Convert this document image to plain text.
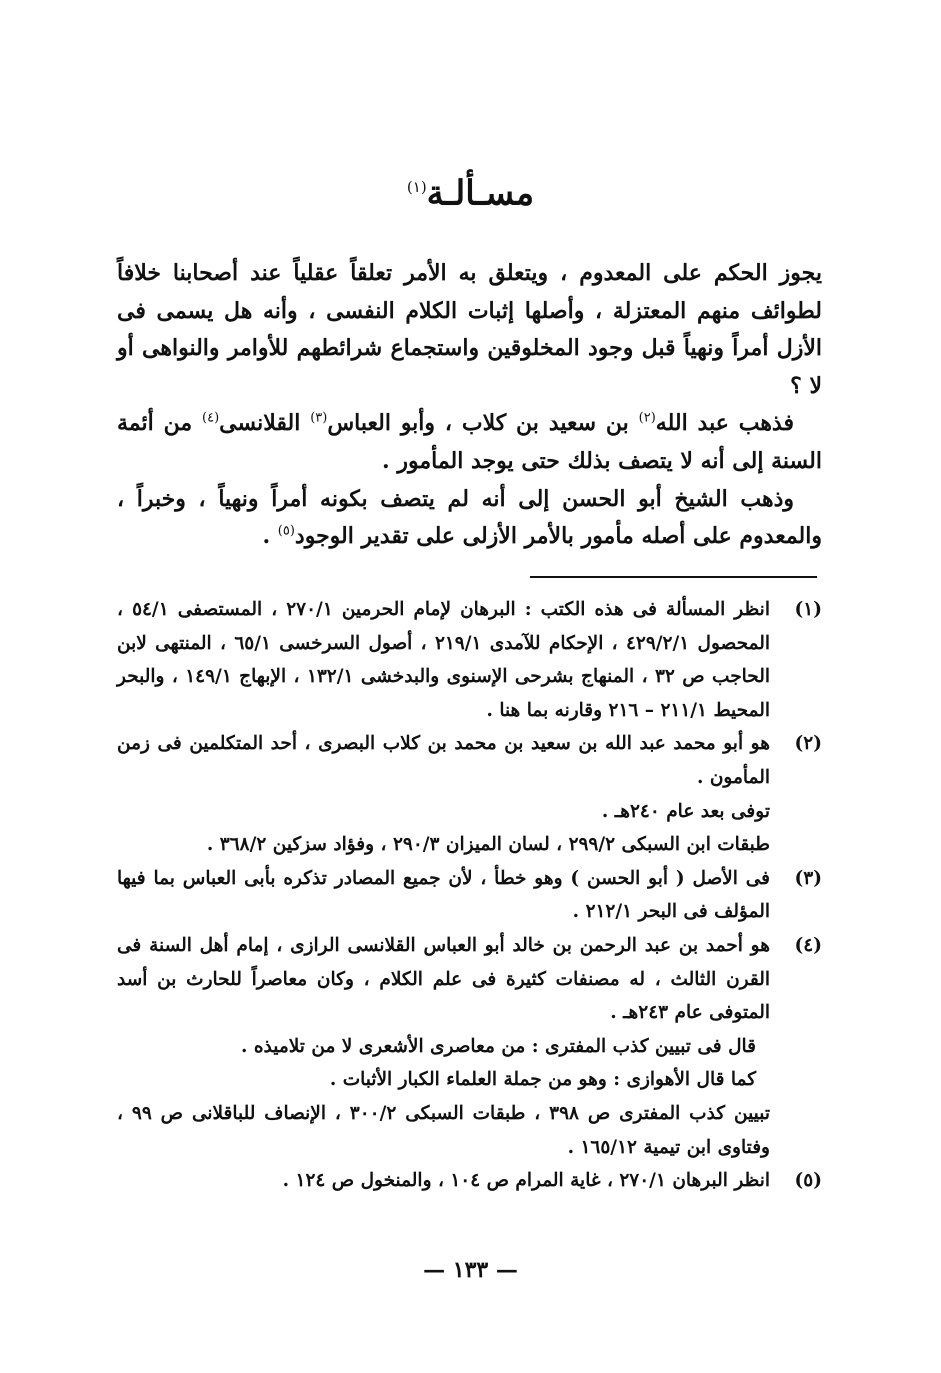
مسـألـة$^{(١)}$

يجوز الحكم على المعدوم ، ويتعلق به الأمر تعلقاً عقلياً عند أصحابنا خلافاً لطوائف منهم المعتزلة ، وأصلها إثبات الكلام النفسى ، وأنه هل يسمى فى الأزل أمراً ونهياً قبل وجود المخلوقين واستجماع شرائطهم للأوامر والنواهى أو لا ؟

فذهب عبد الله$^{(٢)}$ بن سعيد بن كلاب ، وأبو العباس$^{(٣)}$ القلانسى$^{(٤)}$ من أئمة السنة إلى أنه لا يتصف بذلك حتى يوجد المأمور .

وذهب الشيخ أبو الحسن إلى أنه لم يتصف بكونه أمراً ونهياً ، وخبراً ، والمعدوم على أصله مأمور بالأمر الأزلى على تقدير الوجود$^{(٥)}$ .

(١)
انظر المسألة فى هذه الكتب : البرهان لإمام الحرمين ٢٧٠/١ ، المستصفى ٥٤/١ ، المحصول ٤٢٩/٢/١ ، الإحكام للآمدى ٢١٩/١ ، أصول السرخسى ٦٥/١ ، المنتهى لابن الحاجب ص ٣٢ ، المنهاج بشرحى الإسنوى والبدخشى ١٣٢/١ ، الإبهاج ١٤٩/١ ، والبحر المحيط ٢١١/١ – ٢١٦ وقارنه بما هنا .
(٢)
هو أبو محمد عبد الله بن سعيد بن محمد بن كلاب البصرى ، أحد المتكلمين فى زمن المأمون .
توفى بعد عام ٢٤٠هـ .
طبقات ابن السبكى ٢٩٩/٢ ، لسان الميزان ٢٩٠/٣ ، وفؤاد سزكين ٣٦٨/٢ .
(٣)
فى الأصل ( أبو الحسن ) وهو خطأ ، لأن جميع المصادر تذكره بأبى العباس بما فيها المؤلف فى البحر ٢١٢/١ .
(٤)
هو أحمد بن عبد الرحمن بن خالد أبو العباس القلانسى الرازى ، إمام أهل السنة فى القرن الثالث ، له مصنفات كثيرة فى علم الكلام ، وكان معاصراً للحارث بن أسد المتوفى عام ٢٤٣هـ .
قال فى تبيين كذب المفترى : من معاصرى الأشعرى لا من تلاميذه .
كما قال الأهوازى : وهو من جملة العلماء الكبار الأثبات .
تبيين كذب المفترى ص ٣٩٨ ، طبقات السبكى ٣٠٠/٢ ، الإنصاف للباقلانى ص ٩٩ ، وفتاوى ابن تيمية ١٦٥/١٢ .
(٥)
انظر البرهان ٢٧٠/١ ، غاية المرام ص ١٠٤ ، والمنخول ص ١٢٤ .
— ١٣٣ —
